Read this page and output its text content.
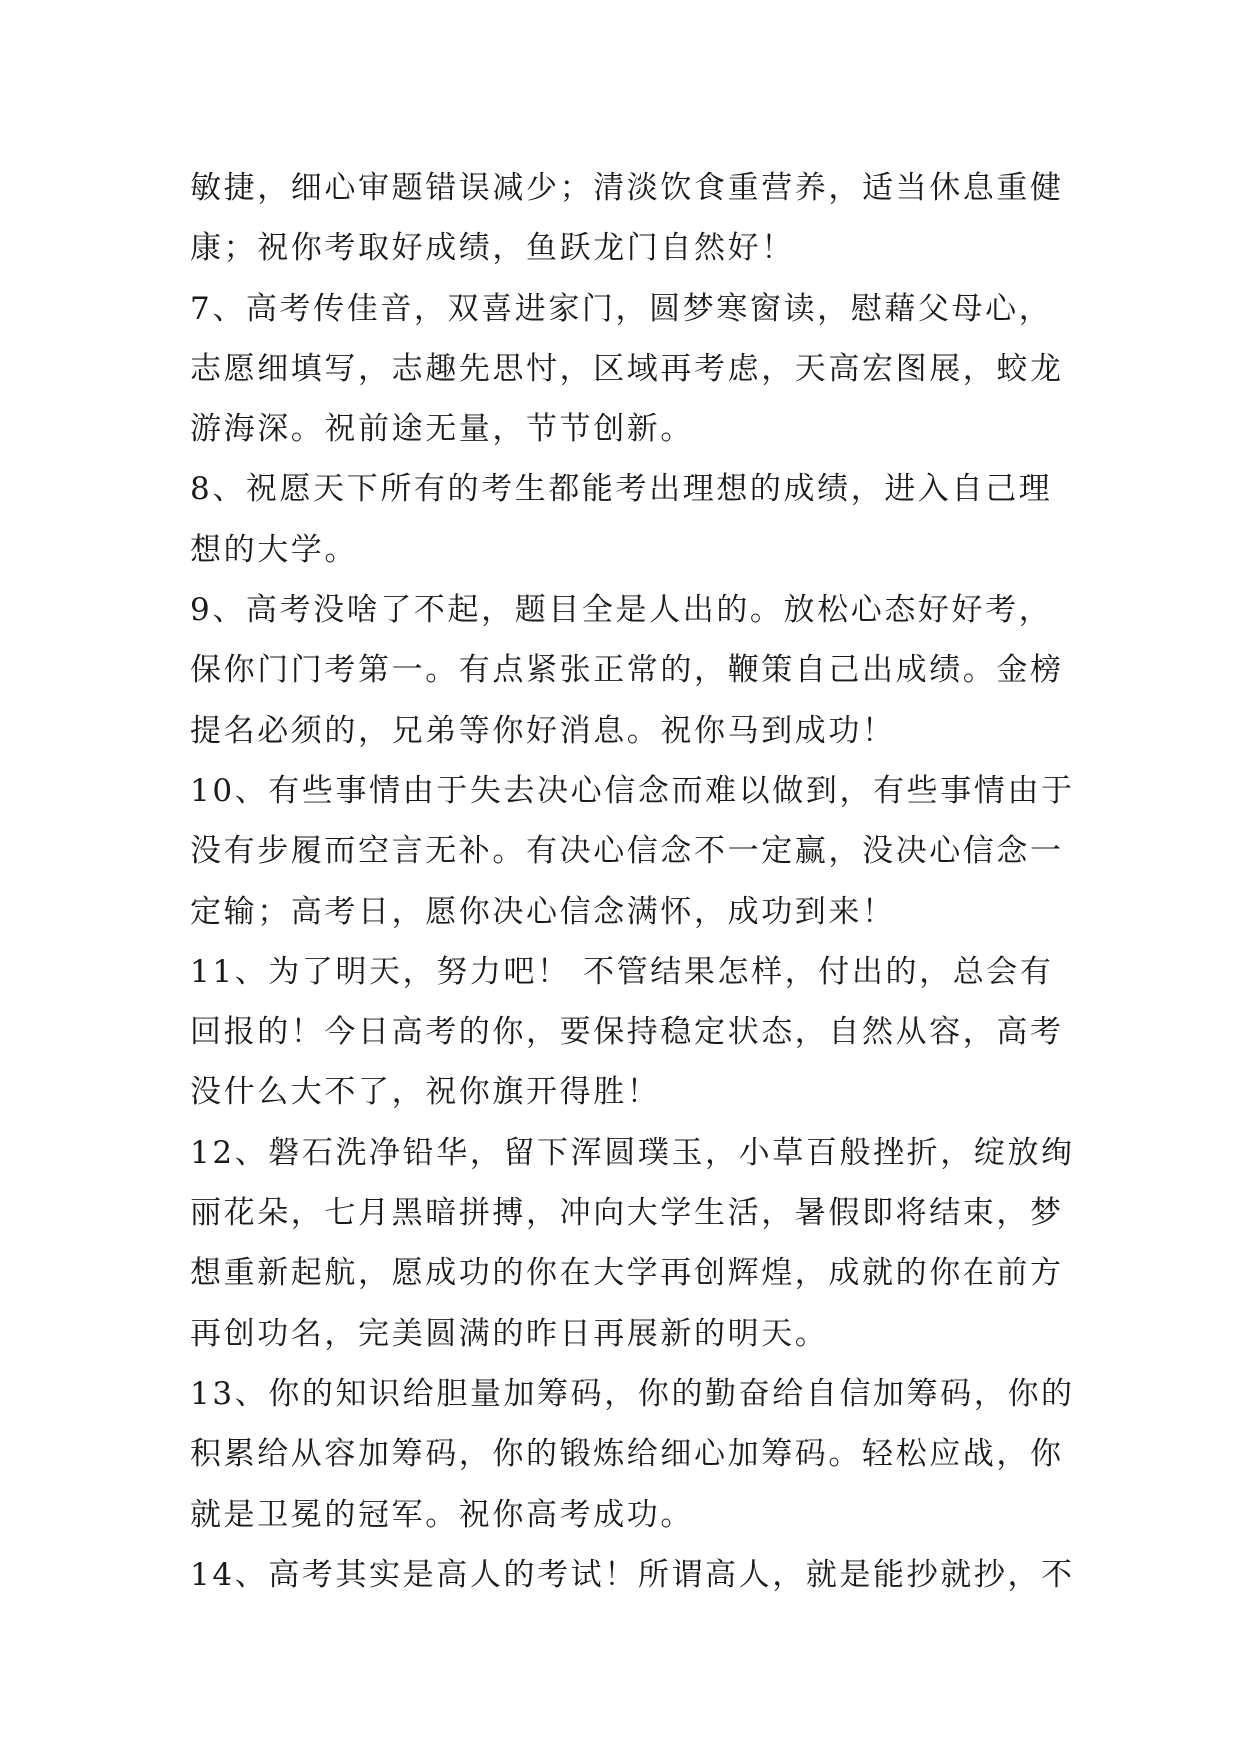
敏捷，细心审题错误减少；清淡饮食重营养，适当休息重健
康；祝你考取好成绩，鱼跃龙门自然好！
7、高考传佳音，双喜进家门，圆梦寒窗读，慰藉父母心，
志愿细填写，志趣先思忖，区域再考虑，天高宏图展，蛟龙
游海深。祝前途无量，节节创新。
8、祝愿天下所有的考生都能考出理想的成绩，进入自己理
想的大学。
9、高考没啥了不起，题目全是人出的。放松心态好好考，
保你门门考第一。有点紧张正常的，鞭策自己出成绩。金榜
提名必须的，兄弟等你好消息。祝你马到成功！
10、有些事情由于失去决心信念而难以做到，有些事情由于
没有步履而空言无补。有决心信念不一定赢，没决心信念一
定输；高考日，愿你决心信念满怀，成功到来！
11、为了明天，努力吧！ 不管结果怎样，付出的，总会有
回报的！今日高考的你，要保持稳定状态，自然从容，高考
没什么大不了，祝你旗开得胜！
12、磐石洗净铅华，留下浑圆璞玉，小草百般挫折，绽放绚
丽花朵，七月黑暗拼搏，冲向大学生活，暑假即将结束，梦
想重新起航，愿成功的你在大学再创辉煌，成就的你在前方
再创功名，完美圆满的昨日再展新的明天。
13、你的知识给胆量加筹码，你的勤奋给自信加筹码，你的
积累给从容加筹码，你的锻炼给细心加筹码。轻松应战，你
就是卫冕的冠军。祝你高考成功。
14、高考其实是高人的考试！所谓高人，就是能抄就抄，不
